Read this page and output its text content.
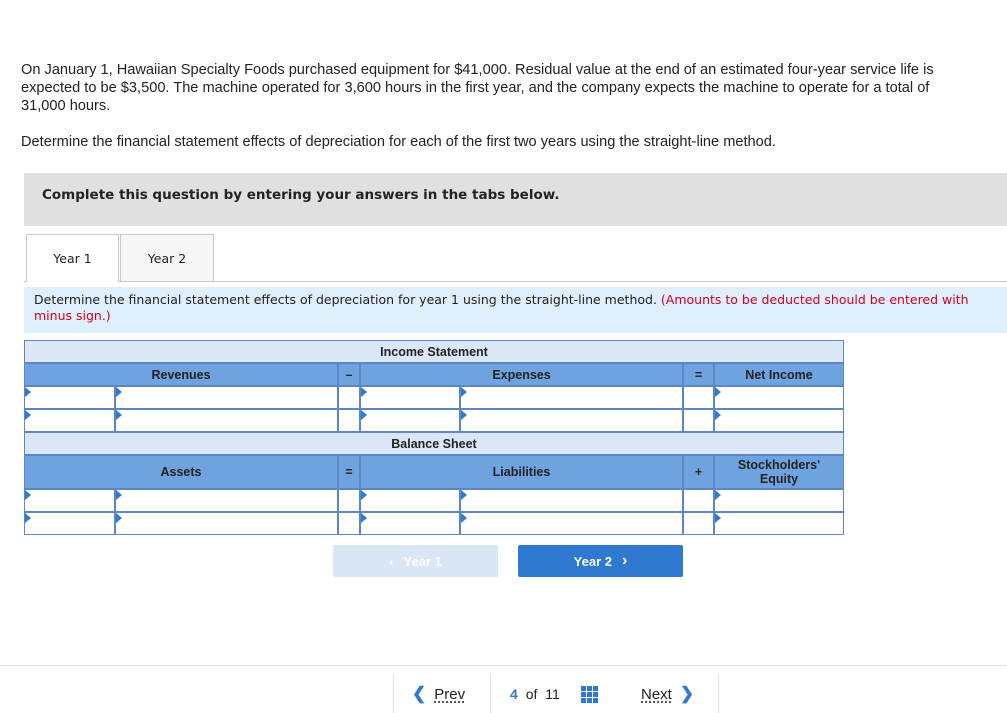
On January 1, Hawaiian Specialty Foods purchased equipment for $41,000. Residual value at the end of an estimated four-year service life is expected to be $3,500. The machine operated for 3,600 hours in the first year, and the company expects the machine to operate for a total of 31,000 hours.

Determine the financial statement effects of depreciation for each of the first two years using the straight-line method.

Complete this question by entering your answers in the tabs below.
Year 1	Year 2
Determine the financial statement effects of depreciation for year 1 using the straight-line method. (Amounts to be deducted should be entered with minus sign.)
Income Statement
Revenues	–	Expenses	=	Net Income
Balance Sheet
Assets	=	Liabilities	+	Stockholders' Equity
‹ Year 1	Year 2 ›
❮ Prev	4 of 11	Next ❯
